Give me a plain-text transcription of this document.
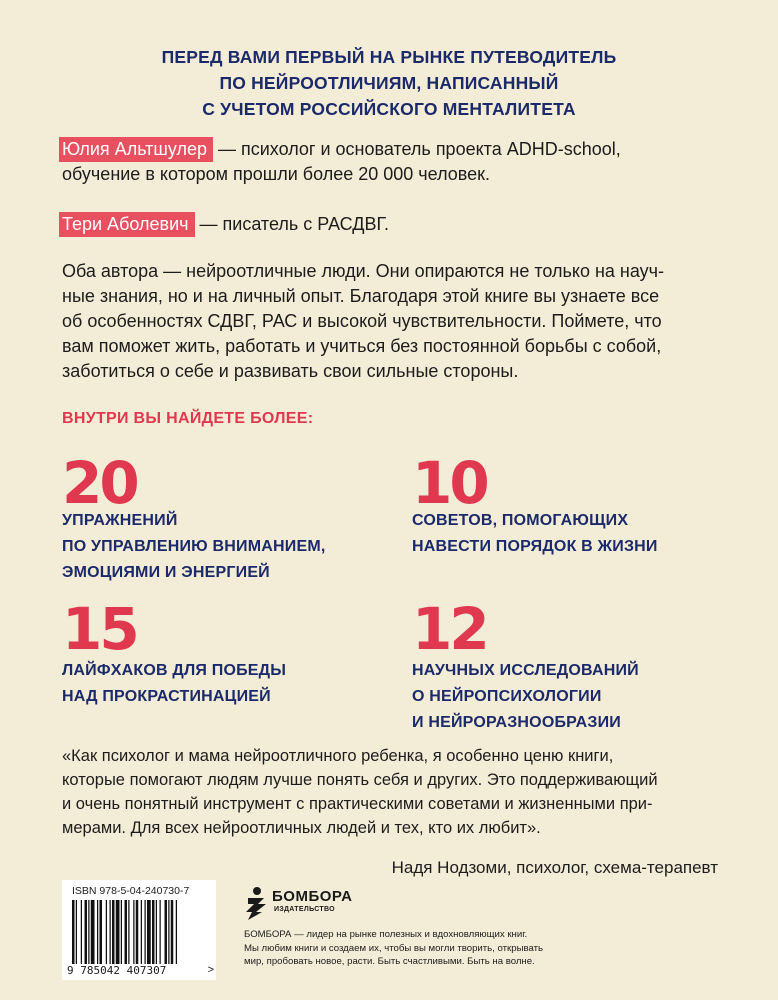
ПЕРЕД ВАМИ ПЕРВЫЙ НА РЫНКЕ ПУТЕВОДИТЕЛЬ
ПО НЕЙРООТЛИЧИЯМ, НАПИСАННЫЙ
С УЧЕТОМ РОССИЙСКОГО МЕНТАЛИТЕТА
Юлия Альтшулер — психолог и основатель проекта ADHD-school,
обучение в котором прошли более 20 000 человек.
Тери Аболевич — писатель с РАСДВГ.
Оба автора — нейроотличные люди. Они опираются не только на науч-
ные знания, но и на личный опыт. Благодаря этой книге вы узнаете все
об особенностях СДВГ, РАС и высокой чувствительности. Поймете, что
вам поможет жить, работать и учиться без постоянной борьбы с собой,
заботиться о себе и развивать свои сильные стороны.
ВНУТРИ ВЫ НАЙДЕТЕ БОЛЕЕ:
20
УПРАЖНЕНИЙ
ПО УПРАВЛЕНИЮ ВНИМАНИЕМ,
ЭМОЦИЯМИ И ЭНЕРГИЕЙ
10
СОВЕТОВ, ПОМОГАЮЩИХ
НАВЕСТИ ПОРЯДОК В ЖИЗНИ
15
ЛАЙФХАКОВ ДЛЯ ПОБЕДЫ
НАД ПРОКРАСТИНАЦИЕЙ
12
НАУЧНЫХ ИССЛЕДОВАНИЙ
О НЕЙРОПСИХОЛОГИИ
И НЕЙРОРАЗНООБРАЗИИ
«Как психолог и мама нейроотличного ребенка, я особенно ценю книги,
которые помогают людям лучше понять себя и других. Это поддерживающий
и очень понятный инструмент с практическими советами и жизненными при-
мерами. Для всех нейроотличных людей и тех, кто их любит».
Надя Нодзоми, психолог, схема-терапевт
ISBN 978-5-04-240730-7
9 785042 407307	>
БОМБОРА
ИЗДАТЕЛЬСТВО
БОМБОРА — лидер на рынке полезных и вдохновляющих книг.
Мы любим книги и создаем их, чтобы вы могли творить, открывать
мир, пробовать новое, расти. Быть счастливыми. Быть на волне.
